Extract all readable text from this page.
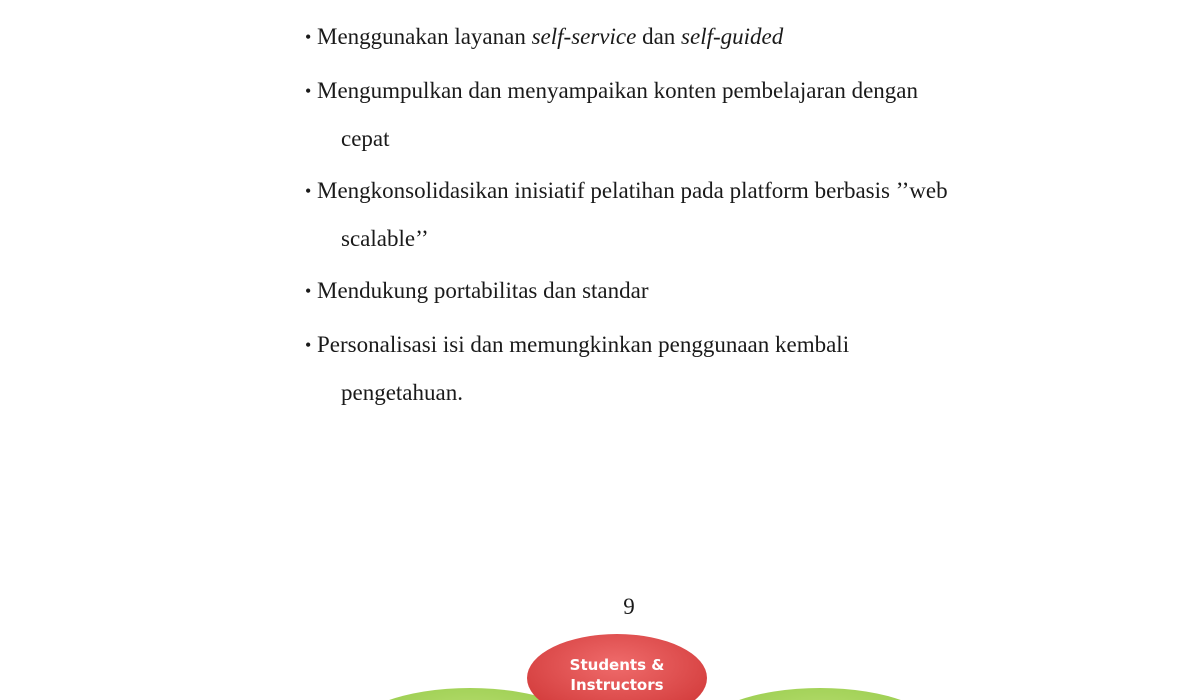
• Menggunakan layanan self-service dan self-guided
• Mengumpulkan dan menyampaikan konten pembelajaran dengan
cepat
• Mengkonsolidasikan inisiatif pelatihan pada platform berbasis ’’web
scalable’’
• Mendukung portabilitas dan standar
• Personalisasi isi dan memungkinkan penggunaan kembali
pengetahuan.
9
Students &
Instructors
